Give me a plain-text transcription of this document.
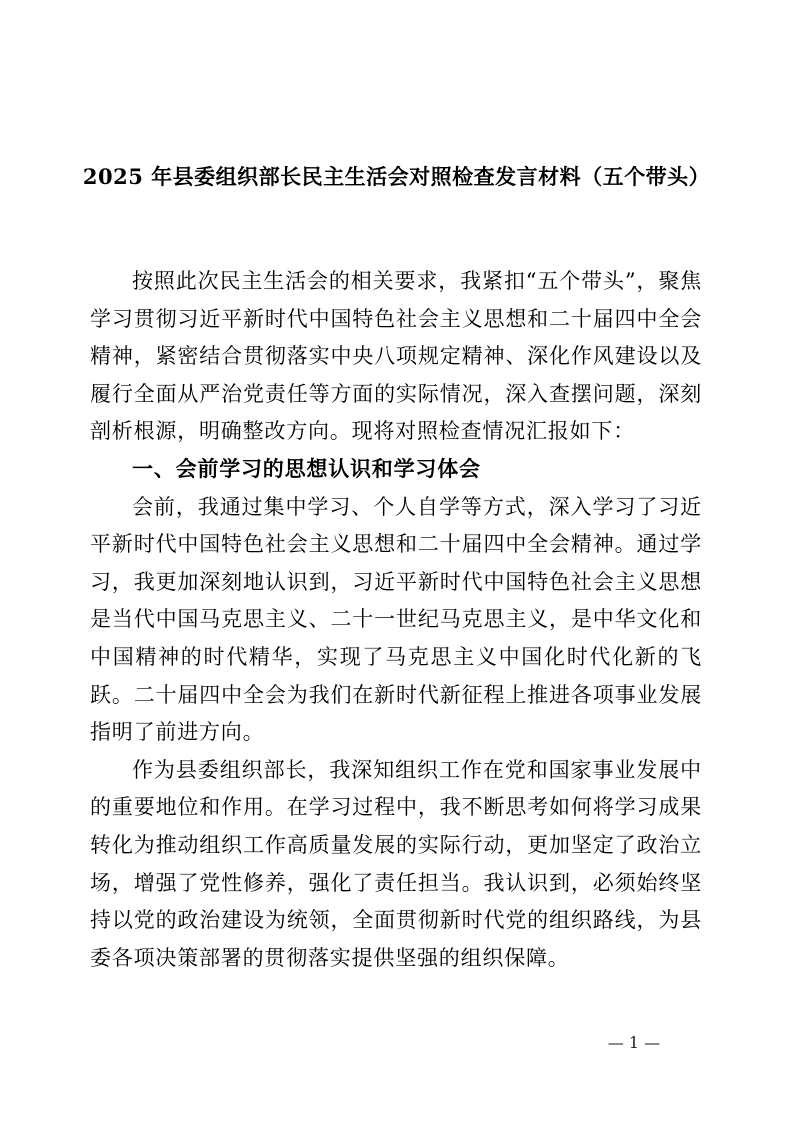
2025 年县委组织部长民主生活会对照检查发言材料（五个带头）

按照此次民主生活会的相关要求，我紧扣“五个带头”，聚焦学习贯彻习近平新时代中国特色社会主义思想和二十届四中全会精神，紧密结合贯彻落实中央八项规定精神、深化作风建设以及履行全面从严治党责任等方面的实际情况，深入查摆问题，深刻剖析根源，明确整改方向。现将对照检查情况汇报如下：

一、会前学习的思想认识和学习体会

会前，我通过集中学习、个人自学等方式，深入学习了习近平新时代中国特色社会主义思想和二十届四中全会精神。通过学习，我更加深刻地认识到，习近平新时代中国特色社会主义思想是当代中国马克思主义、二十一世纪马克思主义，是中华文化和中国精神的时代精华，实现了马克思主义中国化时代化新的飞跃。二十届四中全会为我们在新时代新征程上推进各项事业发展指明了前进方向。

作为县委组织部长，我深知组织工作在党和国家事业发展中的重要地位和作用。在学习过程中，我不断思考如何将学习成果转化为推动组织工作高质量发展的实际行动，更加坚定了政治立场，增强了党性修养，强化了责任担当。我认识到，必须始终坚持以党的政治建设为统领，全面贯彻新时代党的组织路线，为县委各项决策部署的贯彻落实提供坚强的组织保障。

— 1 —
